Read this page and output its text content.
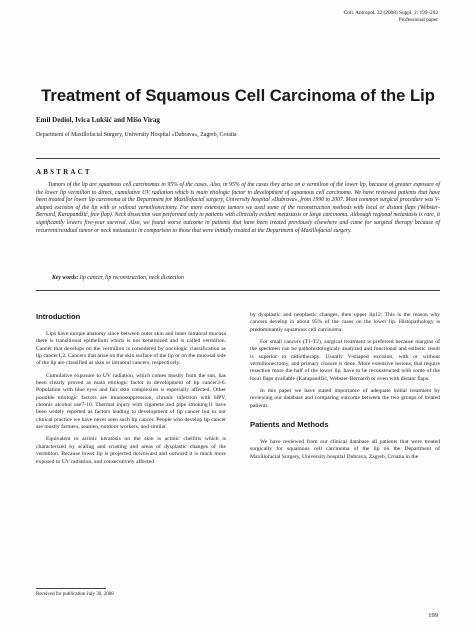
Coll. Antropol. 32 (2008) Suppl. 2: 199–202
Professional paper
Treatment of Squamous Cell Carcinoma of the Lip
Emil Dediol, Ivica Lukšić and Mišo Virag
Department of Maxillofacial Surgery, University Hospital »Dubrava«, Zagreb, Croatia
ABSTRACT

Tumors of the lip are squamous cell carcinomas in 95% of the cases. Also, in 95% of the cases they arise on a vermilion of the lower lip, because of greater exposure of the lower lip vermilion to direct, cumulative UV radiation which is main etiologic factor in development of squamous cell carcinoma. We have reviewed patients that have been treated for lower lip carcinoma at the Department for Maxillofacial surgery, University hospital »Dubrava«, from 1990 to 2007. Most common surgical procedure was V-shaped excision of the lip with or without vermilionectomy. For more extensive tumors we used some of the reconstruction methods with local or distant flaps (Webster-Bernard, Karapandžić, free flap). Neck dissection was performed only in patients with clinically evident metastasis or large carcinoma. Although regional metastasis is rare, it significantly lowers five-year survival. Also, we found worse outcome in patients that have been treated previously elsewhere and came for surgical therapy because of recurrent/residual tumor or neck metastasis in comparison to those that were initially treated at the Department of Maxillofacial surgery.

Key words: lip cancer, lip reconstruction, neck dissection
Introduction

Lips have unique anatomy since between outer skin and inner intraoral mucosa there is transitional epithelium which is not keratinized and is called vermilion. Cancer that develops on the vermilion is considered by oncologic classification as lip cancer1,2. Cancers that arise on the skin surface of the lip or on the mucosal side of the lip are classified as skin or intraoral cancers, respectively.

Cumulative exposure to UV radiation, which comes mostly from the sun, has been clearly proved as main etiologic factor in development of lip cancer3-6. Population with blue eyes and fair skin complexion is especially affected. Other possible etiologic factors are imunosuppression, chronic infection with HPV, chronic alcohol use7-10. Thermal injury with cigarette and pipe smoking11 have been widely reported as factors leading to development of lip cancer but in our clinical practice we have never seen such lip cancer. People who develop lip cancer are mostly farmers, seamen, outdoor workers, and similar.

Equivalent to actinic keratosis on the skin is actinic cheilitis which is characterized by scaling and crusting and areas of dysplastic changes of the vermilion. Because lower lip is projected downward and outward it is much more exposed to UV radiation, and consecutively affected

by dysplastic and neoplastic changes, then upper lip12. This is the reason why cancers develop in about 95% of the cases on the lower lip. Histopathology is predominantly squamous cell carcinoma.

For small cancers (T1-T2), surgical treatment is preferred because margins of the specimen can be pathohistologicaly analyzed and functional and esthetic result is superior to radiotherapy. Usually V-shaped excision, with or without vermilionectomy, and primary closure is done. More extensive lesions, that require resection more the half of the lower lip, have to be reconstructed with some of the local flaps available (Karapandžić, Webster-Bernard) or even with distant flaps.

In this paper we have stated importance of adequate initial treatment by reviewing our database and comparing outcome between the two groups of treated patients.

Patients and Methods

We have reviewed from our clinical database all patients that were treated surgically for squamous cell carcinoma of the lip on the Department of Maxillofacial Surgery, University hospital Dubrava, Zagreb, Croatia in the

Received for publication July 30, 2008
199
